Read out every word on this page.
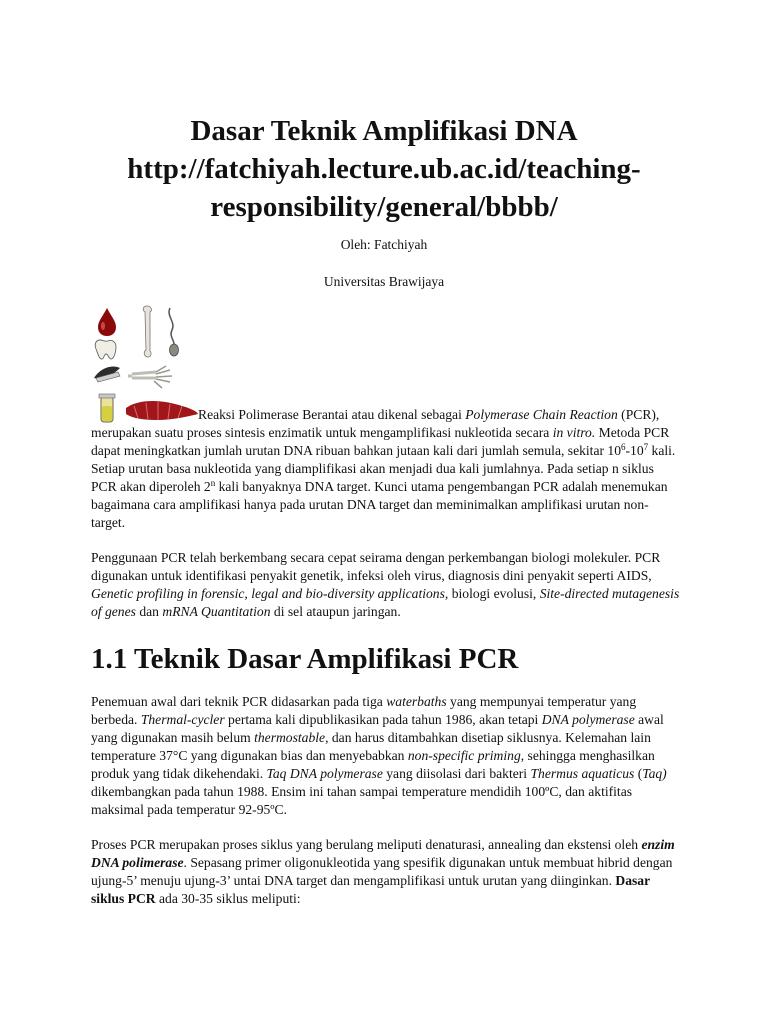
Dasar Teknik Amplifikasi DNA
http://fatchiyah.lecture.ub.ac.id/teaching-
responsibility/general/bbbb/

Oleh: Fatchiyah

Universitas Brawijaya

Reaksi Polimerase Berantai atau dikenal sebagai Polymerase Chain Reaction (PCR), merupakan suatu proses sintesis enzimatik untuk mengamplifikasi nukleotida secara in vitro. Metoda PCR dapat meningkatkan jumlah urutan DNA ribuan bahkan jutaan kali dari jumlah semula, sekitar $10^6-10^7$ kali. Setiap urutan basa nukleotida yang diamplifikasi akan menjadi dua kali jumlahnya. Pada setiap n siklus PCR akan diperoleh 2$^n$ kali banyaknya DNA target. Kunci utama pengembangan PCR adalah menemukan bagaimana cara amplifikasi hanya pada urutan DNA target dan meminimalkan amplifikasi urutan non-target.

Penggunaan PCR telah berkembang secara cepat seirama dengan perkembangan biologi molekuler. PCR digunakan untuk identifikasi penyakit genetik, infeksi oleh virus, diagnosis dini penyakit seperti AIDS, Genetic profiling in forensic, legal and bio-diversity applications, biologi evolusi, Site-directed mutagenesis of genes dan mRNA Quantitation di sel ataupun jaringan.

1.1 Teknik Dasar Amplifikasi PCR

Penemuan awal dari teknik PCR didasarkan pada tiga waterbaths yang mempunyai temperatur yang berbeda. Thermal-cycler pertama kali dipublikasikan pada tahun 1986, akan tetapi DNA polymerase awal yang digunakan masih belum thermostable, dan harus ditambahkan disetiap siklusnya. Kelemahan lain temperature 37°C yang digunakan bias dan menyebabkan non-specific priming, sehingga menghasilkan produk yang tidak dikehendaki. Taq DNA polymerase yang diisolasi dari bakteri Thermus aquaticus (Taq) dikembangkan pada tahun 1988. Ensim ini tahan sampai temperature mendidih 100ºC, dan aktifitas maksimal pada temperatur 92-95ºC.

Proses PCR merupakan proses siklus yang berulang meliputi denaturasi, annealing dan ekstensi oleh enzim DNA polimerase. Sepasang primer oligonukleotida yang spesifik digunakan untuk membuat hibrid dengan ujung-5’ menuju ujung-3’ untai DNA target dan mengamplifikasi untuk urutan yang diinginkan. Dasar siklus PCR ada 30-35 siklus meliputi:
